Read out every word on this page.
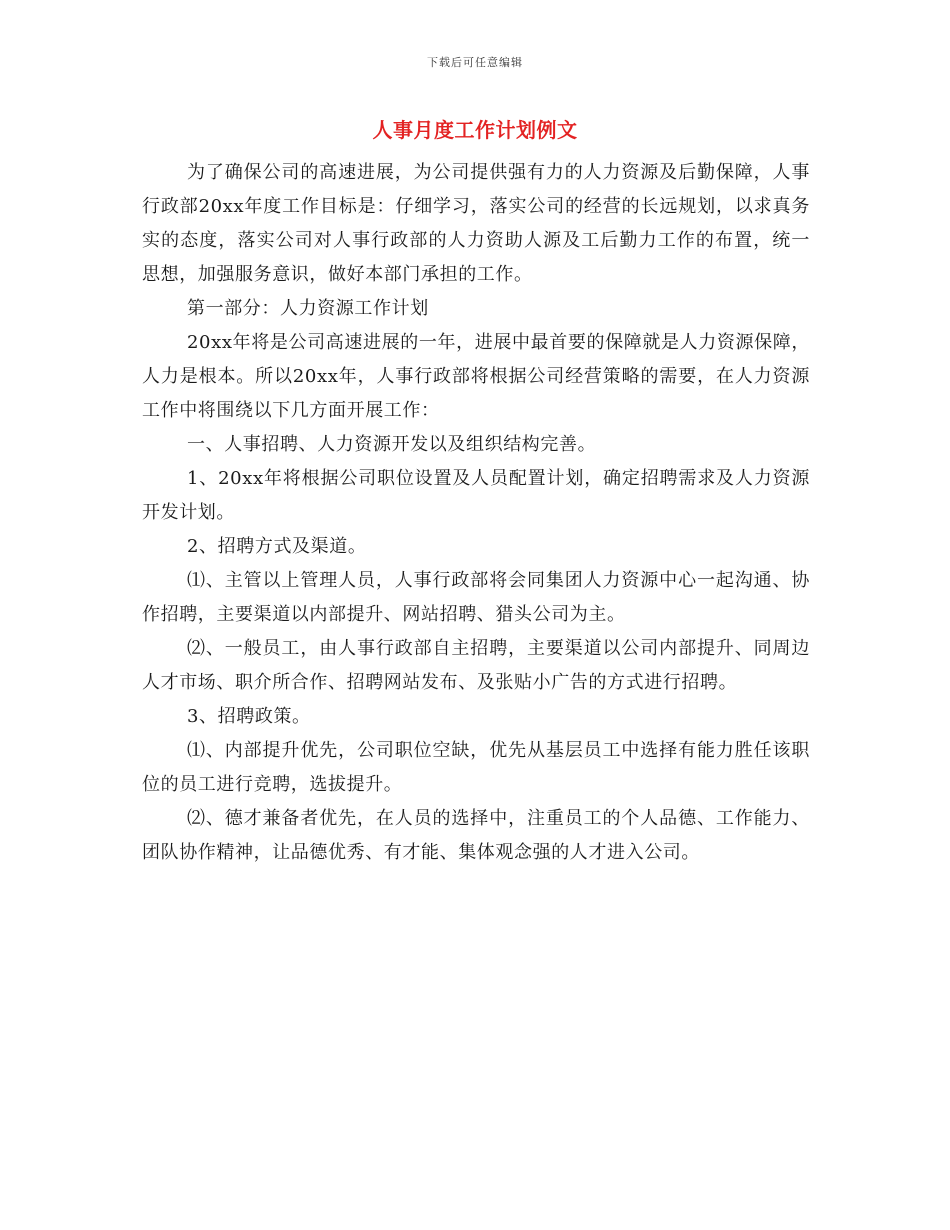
下载后可任意编辑
人事月度工作计划例文

为了确保公司的高速进展，为公司提供强有力的人力资源及后勤保障，人事行政部20xx年度工作目标是：仔细学习，落实公司的经营的长远规划，以求真务实的态度，落实公司对人事行政部的人力资助人源及工后勤力工作的布置，统一思想，加强服务意识，做好本部门承担的工作。

第一部分：人力资源工作计划

20xx年将是公司高速进展的一年，进展中最首要的保障就是人力资源保障，人力是根本。所以20xx年，人事行政部将根据公司经营策略的需要，在人力资源工作中将围绕以下几方面开展工作：

一、人事招聘、人力资源开发以及组织结构完善。

1、20xx年将根据公司职位设置及人员配置计划，确定招聘需求及人力资源开发计划。

2、招聘方式及渠道。

⑴、主管以上管理人员，人事行政部将会同集团人力资源中心一起沟通、协作招聘，主要渠道以内部提升、网站招聘、猎头公司为主。

⑵、一般员工，由人事行政部自主招聘，主要渠道以公司内部提升、同周边人才市场、职介所合作、招聘网站发布、及张贴小广告的方式进行招聘。

3、招聘政策。

⑴、内部提升优先，公司职位空缺，优先从基层员工中选择有能力胜任该职位的员工进行竞聘，选拔提升。

⑵、德才兼备者优先，在人员的选择中，注重员工的个人品德、工作能力、团队协作精神，让品德优秀、有才能、集体观念强的人才进入公司。
